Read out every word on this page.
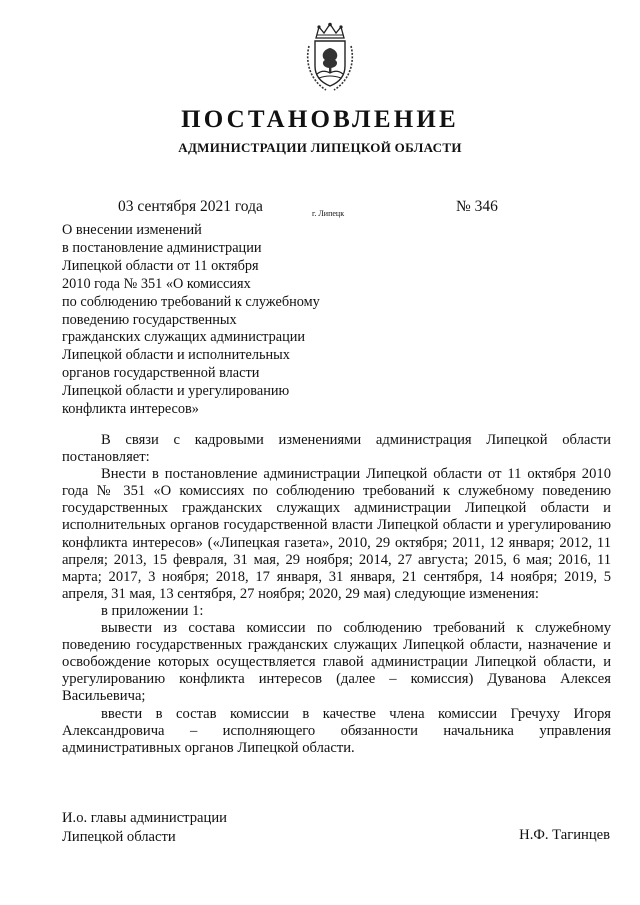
ПОСТАНОВЛЕНИЕ
АДМИНИСТРАЦИИ ЛИПЕЦКОЙ ОБЛАСТИ
03 сентября 2021 года	г. Липецк	№ 346
О внесении изменений
в постановление администрации
Липецкой области от 11 октября
2010 года № 351 «О комиссиях
по соблюдению требований к служебному
поведению государственных
гражданских служащих администрации
Липецкой области и исполнительных
органов государственной власти
Липецкой области и урегулированию
конфликта интересов»

В связи с кадровыми изменениями администрация Липецкой области постановляет:

Внести в постановление администрации Липецкой области от 11 октября 2010 года № 351 «О комиссиях по соблюдению требований к служебному поведению государственных гражданских служащих администрации Липецкой области и исполнительных органов государственной власти Липецкой области и урегулированию конфликта интересов» («Липецкая газета», 2010, 29 октября; 2011, 12 января; 2012, 11 апреля; 2013, 15 февраля, 31 мая, 29 ноября; 2014, 27 августа; 2015, 6 мая; 2016, 11 марта; 2017, 3 ноября; 2018, 17 января, 31 января, 21 сентября, 14 ноября; 2019, 5 апреля, 31 мая, 13 сентября, 27 ноября; 2020, 29 мая) следующие изменения:

в приложении 1:

вывести из состава комиссии по соблюдению требований к служебному поведению государственных гражданских служащих Липецкой области, назначение и освобождение которых осуществляется главой администрации Липецкой области, и урегулированию конфликта интересов (далее – комиссия) Дуванова Алексея Васильевича;

ввести в состав комиссии в качестве члена комиссии Гречуху Игоря Александровича – исполняющего обязанности начальника управления административных органов Липецкой области.

И.о. главы администрации
Липецкой области	Н.Ф. Тагинцев
